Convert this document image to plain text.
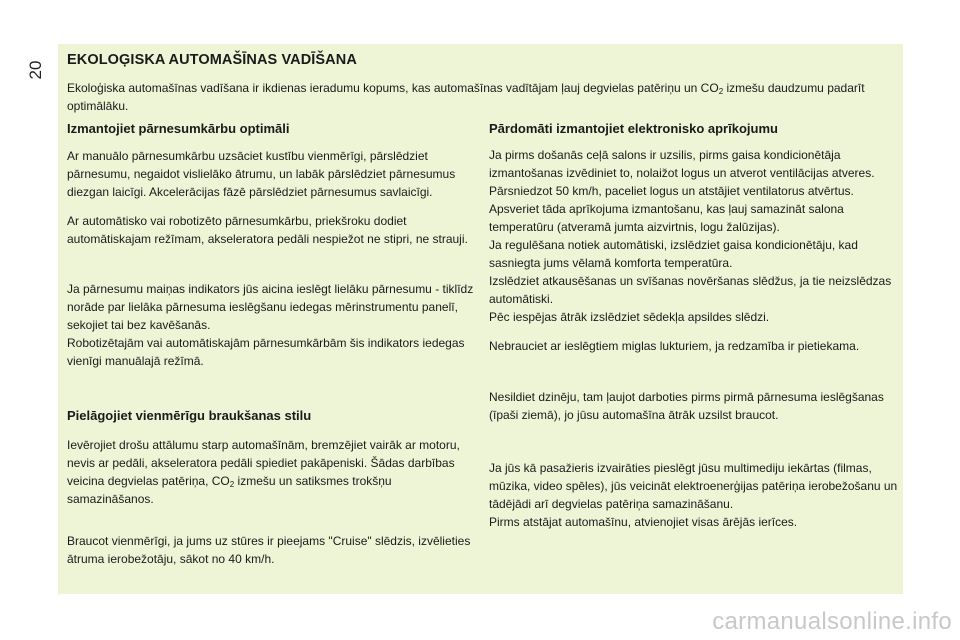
20
EKOLOĢISKA AUTOMAŠĪNAS VADĪŠANA
Ekoloģiska automašīnas vadīšana ir ikdienas ieradumu kopums, kas automašīnas vadītājam ļauj degvielas patēriņu un $CO_2$ izmešu daudzumu padarīt optimālāku.
Izmantojiet pārnesumkārbu optimāli

Ar manuālo pārnesumkārbu uzsāciet kustību vienmērīgi, pārslēdziet pārnesumu, negaidot vislielāko ātrumu, un labāk pārslēdziet pārnesumus diezgan laicīgi. Akcelerācijas fāzē pārslēdziet pārnesumus savlaicīgi.

Ar automātisko vai robotizēto pārnesumkārbu, priekšroku dodiet automātiskajam režīmam, akseleratora pedāli nespiežot ne stipri, ne strauji.

Ja pārnesumu maiņas indikators jūs aicina ieslēgt lielāku pārnesumu - tiklīdz norāde par lielāka pārnesuma ieslēgšanu iedegas mērinstrumentu panelī, sekojiet tai bez kavēšanās.

Robotizētajām vai automātiskajām pārnesumkārbām šis indikators iedegas vienīgi manuālajā režīmā.

Pielāgojiet vienmērīgu braukšanas stilu

Ievērojiet drošu attālumu starp automašīnām, bremzējiet vairāk ar motoru, nevis ar pedāli, akseleratora pedāli spiediet pakāpeniski. Šādas darbības veicina degvielas patēriņa, $CO_2$ izmešu un satiksmes trokšņu samazināšanos.

Braucot vienmērīgi, ja jums uz stūres ir pieejams "Cruise" slēdzis, izvēlieties ātruma ierobežotāju, sākot no 40 km/h.

Pārdomāti izmantojiet elektronisko aprīkojumu

Ja pirms došanās ceļā salons ir uzsilis, pirms gaisa kondicionētāja izmantošanas izvēdiniet to, nolaižot logus un atverot ventilācijas atveres.

Pārsniedzot 50 km/h, paceliet logus un atstājiet ventilatorus atvērtus.

Apsveriet tāda aprīkojuma izmantošanu, kas ļauj samazināt salona temperatūru (atveramā jumta aizvirtnis, logu žalūzijas).

Ja regulēšana notiek automātiski, izslēdziet gaisa kondicionētāju, kad sasniegta jums vēlamā komforta temperatūra.

Izslēdziet atkausēšanas un svīšanas novēršanas slēdžus, ja tie neizslēdzas automātiski.

Pēc iespējas ātrāk izslēdziet sēdekļa apsildes slēdzi.

Nebrauciet ar ieslēgtiem miglas lukturiem, ja redzamība ir pietiekama.

Nesildiet dzinēju, tam ļaujot darboties pirms pirmā pārnesuma ieslēgšanas (īpaši ziemā), jo jūsu automašīna ātrāk uzsilst braucot.

Ja jūs kā pasažieris izvairāties pieslēgt jūsu multimediju iekārtas (filmas, mūzika, video spēles), jūs veicināt elektroenerģijas patēriņa ierobežošanu un tādējādi arī degvielas patēriņa samazināšanu.

Pirms atstājat automašīnu, atvienojiet visas ārējās ierīces.

carmanualsonline.info
